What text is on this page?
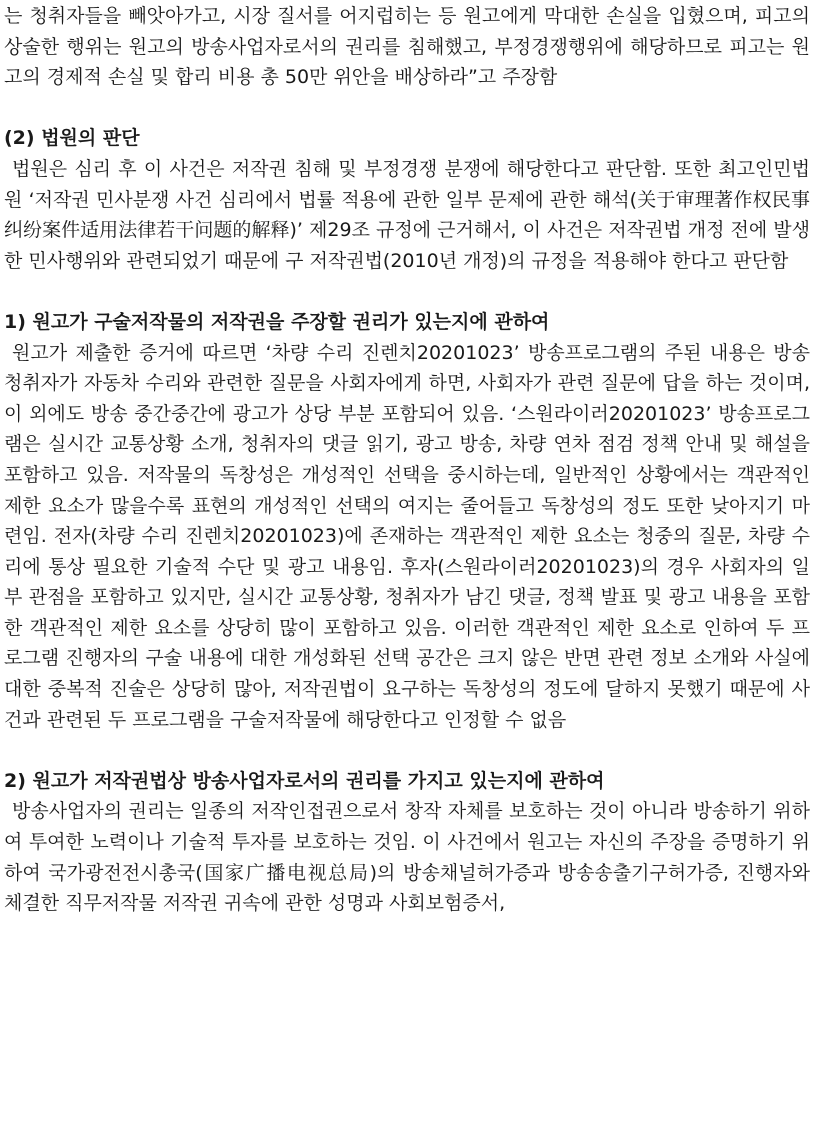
는 청취자들을 빼앗아가고, 시장 질서를 어지럽히는 등 원고에게 막대한 손실을 입혔으며, 피고의 상술한 행위는 원고의 방송사업자로서의 권리를 침해했고, 부정경쟁행위에 해당하므로 피고는 원고의 경제적 손실 및 합리 비용 총 50만 위안을 배상하라”고 주장함

(2) 법원의 판단

법원은 심리 후 이 사건은 저작권 침해 및 부정경쟁 분쟁에 해당한다고 판단함. 또한 최고인민법원 ‘저작권 민사분쟁 사건 심리에서 법률 적용에 관한 일부 문제에 관한 해석(关于审理著作权民事纠纷案件适用法律若干问题的解释)’ 제29조 규정에 근거해서, 이 사건은 저작권법 개정 전에 발생한 민사행위와 관련되었기 때문에 구 저작권법(2010년 개정)의 규정을 적용해야 한다고 판단함

1) 원고가 구술저작물의 저작권을 주장할 권리가 있는지에 관하여

원고가 제출한 증거에 따르면 ‘차량 수리 진렌치20201023’ 방송프로그램의 주된 내용은 방송 청취자가 자동차 수리와 관련한 질문을 사회자에게 하면, 사회자가 관련 질문에 답을 하는 것이며, 이 외에도 방송 중간중간에 광고가 상당 부분 포함되어 있음. ‘스원라이러20201023’ 방송프로그램은 실시간 교통상황 소개, 청취자의 댓글 읽기, 광고 방송, 차량 연차 점검 정책 안내 및 해설을 포함하고 있음. 저작물의 독창성은 개성적인 선택을 중시하는데, 일반적인 상황에서는 객관적인 제한 요소가 많을수록 표현의 개성적인 선택의 여지는 줄어들고 독창성의 정도 또한 낮아지기 마련임. 전자(차량 수리 진렌치20201023)에 존재하는 객관적인 제한 요소는 청중의 질문, 차량 수리에 통상 필요한 기술적 수단 및 광고 내용임. 후자(스원라이러20201023)의 경우 사회자의 일부 관점을 포함하고 있지만, 실시간 교통상황, 청취자가 남긴 댓글, 정책 발표 및 광고 내용을 포함한 객관적인 제한 요소를 상당히 많이 포함하고 있음. 이러한 객관적인 제한 요소로 인하여 두 프로그램 진행자의 구술 내용에 대한 개성화된 선택 공간은 크지 않은 반면 관련 정보 소개와 사실에 대한 중복적 진술은 상당히 많아, 저작권법이 요구하는 독창성의 정도에 달하지 못했기 때문에 사건과 관련된 두 프로그램을 구술저작물에 해당한다고 인정할 수 없음

2) 원고가 저작권법상 방송사업자로서의 권리를 가지고 있는지에 관하여

방송사업자의 권리는 일종의 저작인접권으로서 창작 자체를 보호하는 것이 아니라 방송하기 위하여 투여한 노력이나 기술적 투자를 보호하는 것임. 이 사건에서 원고는 자신의 주장을 증명하기 위하여 국가광전전시총국(国家广播电视总局)의 방송채널허가증과 방송송출기구허가증, 진행자와 체결한 직무저작물 저작권 귀속에 관한 성명과 사회보험증서,
